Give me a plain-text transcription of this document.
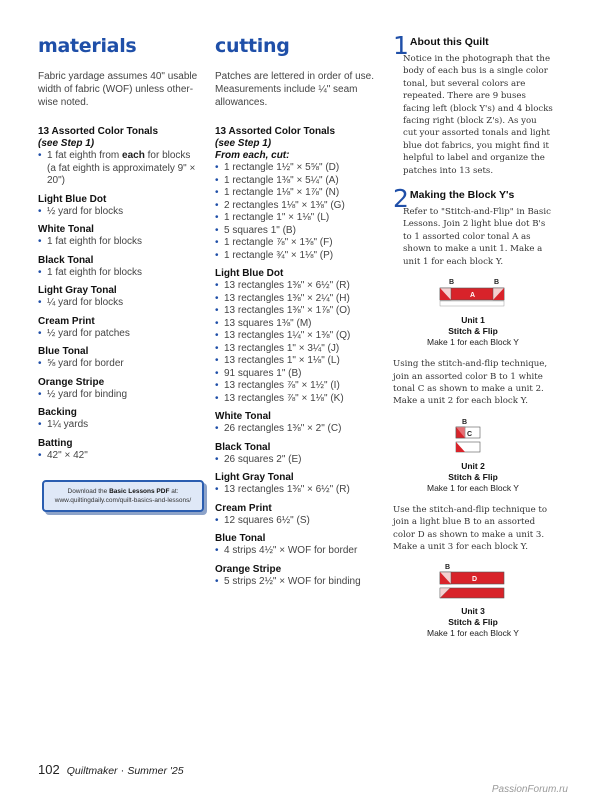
materials

Fabric yardage assumes 40" usable width of fabric (WOF) unless other-wise noted.

13 Assorted Color Tonals
(see Step 1)
• 1 fat eighth from each for blocks (a fat eighth is approximately 9" × 20")
Light Blue Dot
• ½ yard for blocks
White Tonal
• 1 fat eighth for blocks
Black Tonal
• 1 fat eighth for blocks
Light Gray Tonal
• ¼ yard for blocks
Cream Print
• ½ yard for patches
Blue Tonal
• ⅝ yard for border
Orange Stripe
• ½ yard for binding
Backing
• 1¼ yards
Batting
• 42" × 42"
Download the Basic Lessons PDF at:
www.quiltingdaily.com/quilt-basics-and-lessons/
cutting

Patches are lettered in order of use. Measurements include ¼" seam allowances.

13 Assorted Color Tonals
(see Step 1)
From each, cut:
• 1 rectangle 1½" × 5⅝" (D)
• 1 rectangle 1⅜" × 5¼" (A)
• 1 rectangle 1⅛" × 1⅞" (N)
• 2 rectangles 1⅛" × 1⅜" (G)
• 1 rectangle 1" × 1⅛" (L)
• 5 squares 1" (B)
• 1 rectangle ⅞" × 1⅜" (F)
• 1 rectangle ¾" × 1⅛" (P)
Light Blue Dot
• 13 rectangles 1⅜" × 6½" (R)
• 13 rectangles 1⅜" × 2¼" (H)
• 13 rectangles 1⅜" × 1⅞" (O)
• 13 squares 1⅜" (M)
• 13 rectangles 1¼" × 1⅜" (Q)
• 13 rectangles 1" × 3¼" (J)
• 13 rectangles 1" × 1⅛" (L)
• 91 squares 1" (B)
• 13 rectangles ⅞" × 1½" (I)
• 13 rectangles ⅞" × 1⅛" (K)
White Tonal
• 26 rectangles 1⅜" × 2" (C)
Black Tonal
• 26 squares 2" (E)
Light Gray Tonal
• 13 rectangles 1⅜" × 6½" (R)
Cream Print
• 12 squares 6½" (S)
Blue Tonal
• 4 strips 4½" × WOF for border
Orange Stripe
• 5 strips 2½" × WOF for binding
1 About this Quilt
Notice in the photograph that the body of each bus is a single color tonal, but several colors are repeated. There are 9 buses facing left (block Y's) and 4 blocks facing right (block Z's). As you cut your assorted tonals and light blue dot fabrics, you might find it helpful to label and organize the patches into 13 sets.
2 Making the Block Y's
Refer to "Stitch-and-Flip" in Basic Lessons. Join 2 light blue dot B's to 1 assorted color tonal A as shown to make a unit 1. Make a unit 1 for each block Y.
B	B
A
Unit 1
Stitch & Flip
Make 1 for each Block Y

Using the stitch-and-flip technique, join an assorted color B to 1 white tonal C as shown to make a unit 2. Make a unit 2 for each block Y.

B
C
Unit 2
Stitch & Flip
Make 1 for each Block Y

Use the stitch-and-flip technique to join a light blue B to an assorted color D as shown to make a unit 3. Make a unit 3 for each block Y.

B
D
Unit 3
Stitch & Flip
Make 1 for each Block Y
102 Quiltmaker · Summer '25
PassionForum.ru
